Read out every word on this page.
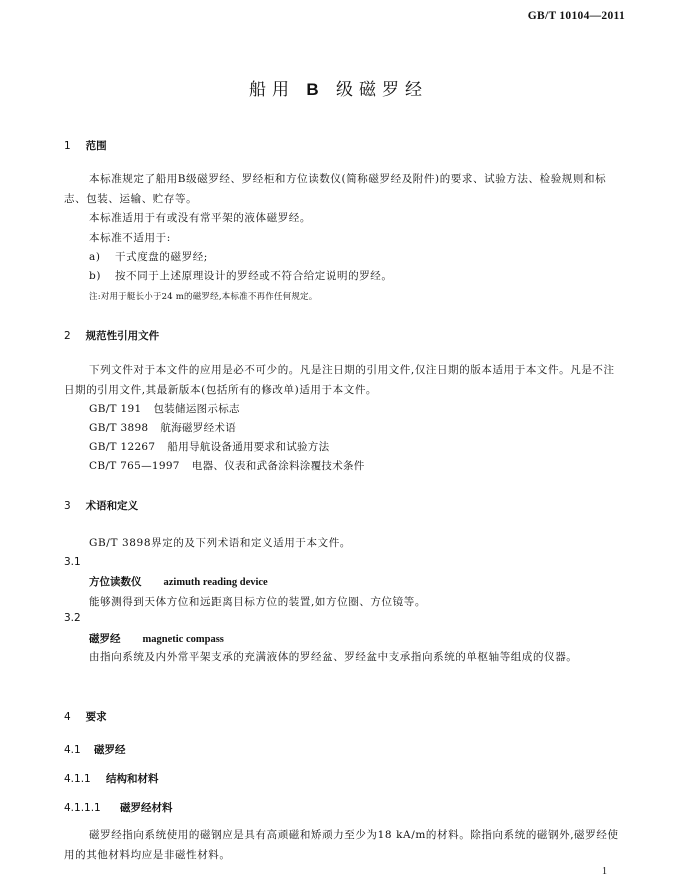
GB/T 10104—2011
船用 B 级磁罗经
1 范围
本标准规定了船用B级磁罗经、罗经柜和方位读数仪(简称磁罗经及附件)的要求、试验方法、检验规则和标志、包装、运输、贮存等。
本标准适用于有或没有常平架的液体磁罗经。
本标准不适用于:
a) 干式度盘的磁罗经;
b) 按不同于上述原理设计的罗经或不符合给定说明的罗经。
注:对用于艇长小于24 m的磁罗经,本标准不再作任何规定。
2 规范性引用文件
下列文件对于本文件的应用是必不可少的。凡是注日期的引用文件,仅注日期的版本适用于本文件。凡是不注日期的引用文件,其最新版本(包括所有的修改单)适用于本文件。
GB/T 191 包装储运图示标志
GB/T 3898 航海磁罗经术语
GB/T 12267 船用导航设备通用要求和试验方法
CB/T 765—1997 电器、仪表和武备涂料涂覆技术条件
3 术语和定义
GB/T 3898界定的及下列术语和定义适用于本文件。
3.1
方位读数仪 azimuth reading device
能够测得到天体方位和远距离目标方位的装置,如方位圈、方位镜等。
3.2
磁罗经 magnetic compass
由指向系统及内外常平架支承的充满液体的罗经盆、罗经盆中支承指向系统的单枢轴等组成的仪器。
4 要求
4.1 磁罗经
4.1.1 结构和材料
4.1.1.1 磁罗经材料
磁罗经指向系统使用的磁钢应是具有高顽磁和矫顽力至少为18 kA/m的材料。除指向系统的磁钢外,磁罗经使用的其他材料均应是非磁性材料。
1
